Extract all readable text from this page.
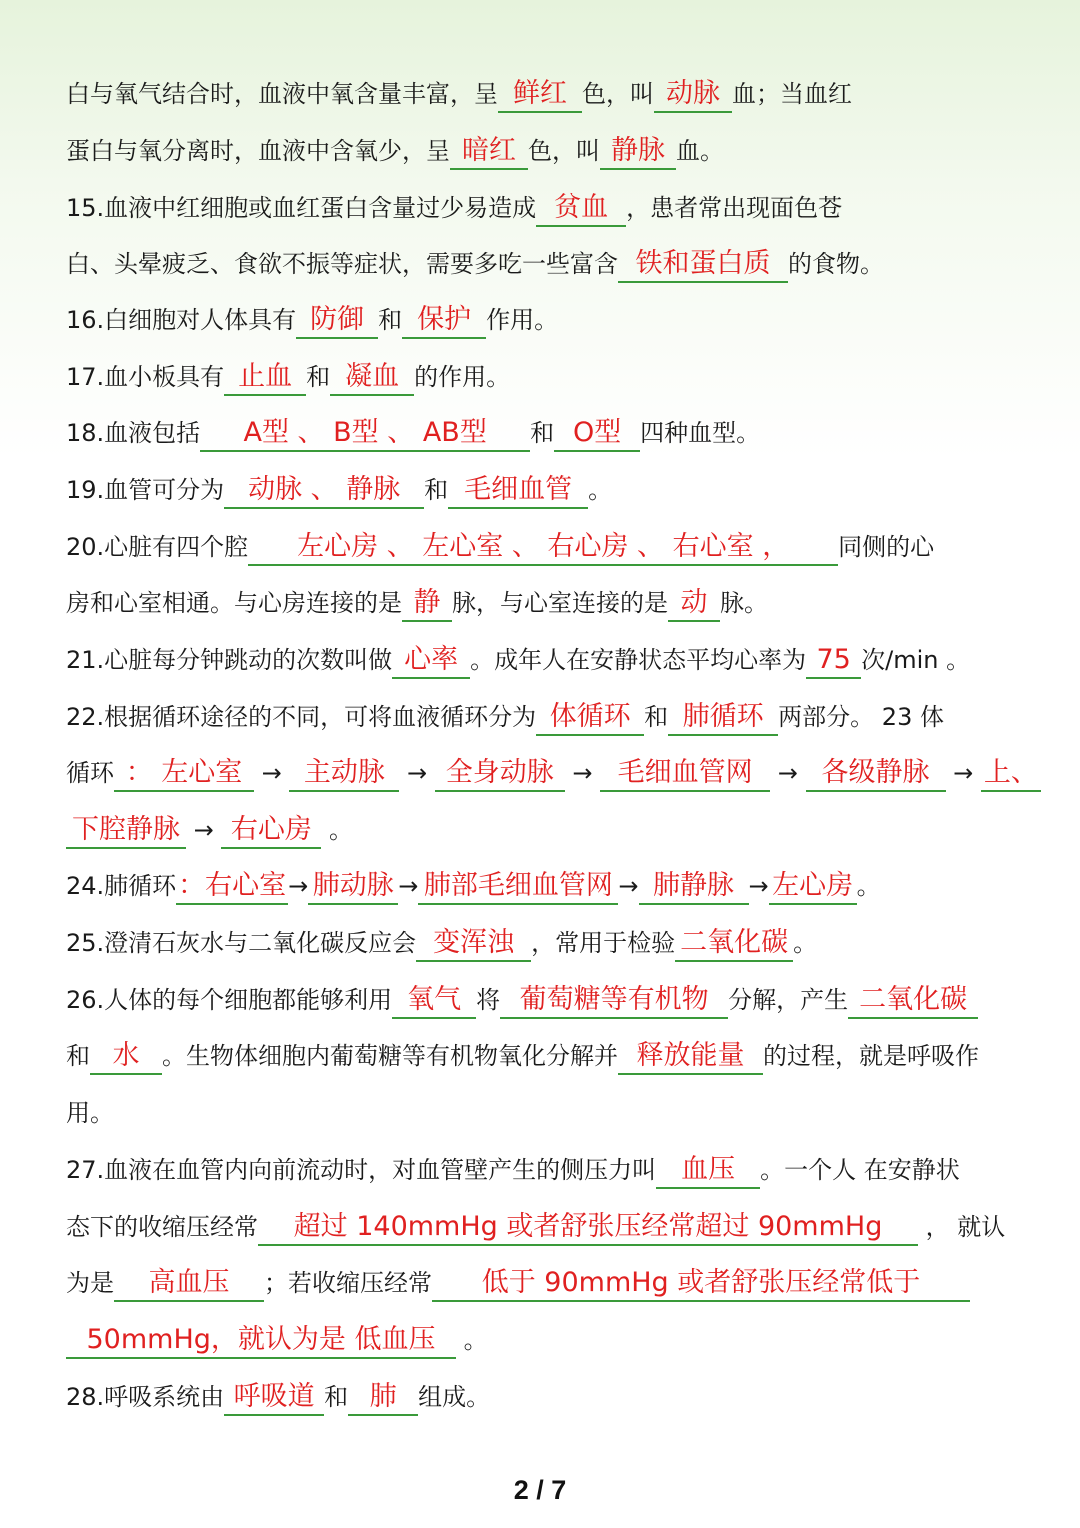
白与氧气结合时，血液中氧含量丰富，呈 鲜红 色，叫 动脉 血；当血红
蛋白与氧分离时，血液中含氧少，呈 暗红 色，叫 静脉 血。
15.血液中红细胞或血红蛋白含量过少易造成 贫血 ，患者常出现面色苍
白、头晕疲乏、食欲不振等症状，需要多吃一些富含 铁和蛋白质 的食物。
16.白细胞对人体具有 防御 和 保护 作用。
17.血小板具有 止血 和 凝血 的作用。
18.血液包括 A型 、 B型 、 AB型 和 O型 四种血型。
19.血管可分为 动脉 、 静脉 和 毛细血管 。
20.心脏有四个腔 左心房 、 左心室 、 右心房 、 右心室 ， 同侧的心
房和心室相通。与心房连接的是 静 脉，与心室连接的是 动 脉。
21.心脏每分钟跳动的次数叫做 心率 。成年人在安静状态平均心率为 75 次/min 。
22.根据循环途径的不同，可将血液循环分为 体循环 和 肺循环 两部分。 23 体
循环 ： 左心室 → 主动脉 → 全身动脉 → 毛细血管网 → 各级静脉 → 上、
下腔静脉 → 右心房 。
24.肺循环：右心室→ 肺动脉 → 肺部毛细血管网 → 肺静脉 → 左心房 。
25.澄清石灰水与二氧化碳反应会 变浑浊 ，常用于检验 二氧化碳 。
26.人体的每个细胞都能够利用 氧气 将 葡萄糖等有机物 分解，产生 二氧化碳
和 水 。生物体细胞内葡萄糖等有机物氧化分解并 释放能量 的过程，就是呼吸作
用。
27.血液在血管内向前流动时，对血管壁产生的侧压力叫 血压 。一个人 在安静状
态下的收缩压经常 超过 140mmHg 或者舒张压经常超过 90mmHg ， 就认
为是 高血压 ；若收缩压经常 低于 90mmHg 或者舒张压经常低于
50mmHg，就认为是 低血压 。
28.呼吸系统由 呼吸道 和 肺 组成。
2 / 7
